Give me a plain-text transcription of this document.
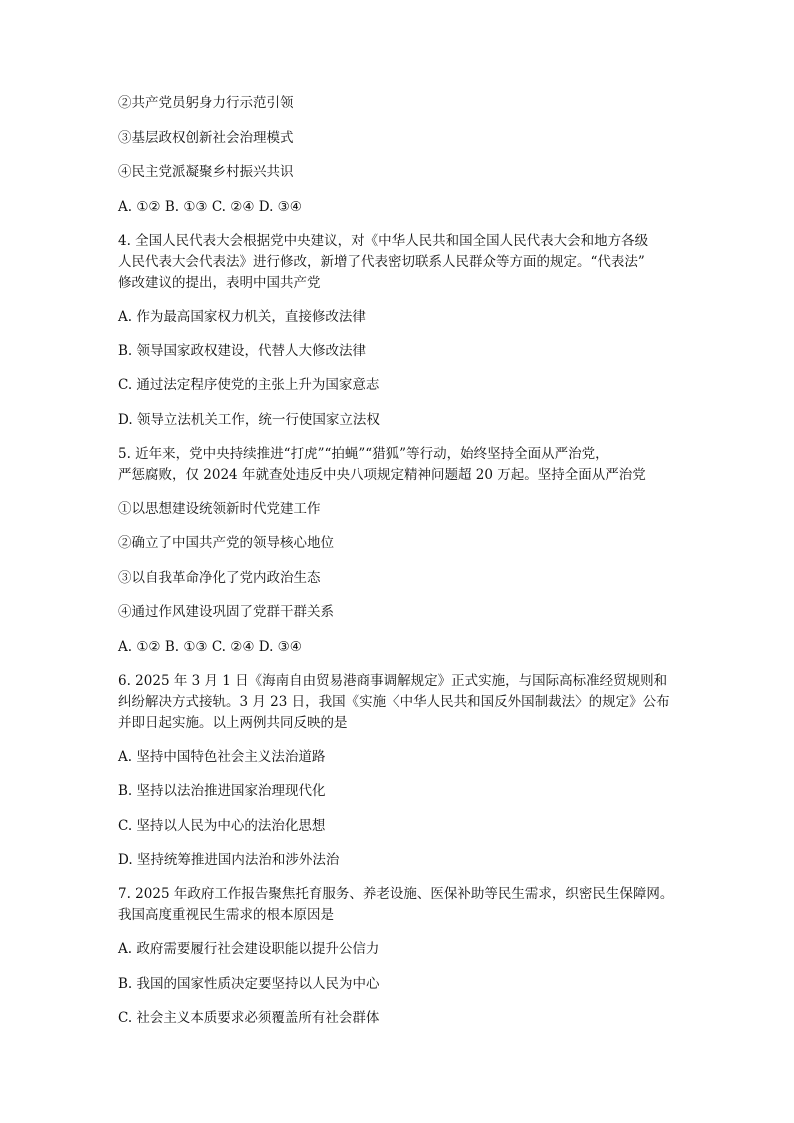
②共产党员躬身力行示范引领
③基层政权创新社会治理模式
④民主党派凝聚乡村振兴共识
A. ①② B. ①③ C. ②④ D. ③④
4. 全国人民代表大会根据党中央建议，对《中华人民共和国全国人民代表大会和地方各级
人民代表大会代表法》进行修改，新增了代表密切联系人民群众等方面的规定。“代表法”
修改建议的提出，表明中国共产党
A. 作为最高国家权力机关，直接修改法律
B. 领导国家政权建设，代替人大修改法律
C. 通过法定程序使党的主张上升为国家意志
D. 领导立法机关工作，统一行使国家立法权
5. 近年来，党中央持续推进“打虎”“拍蝇”“猎狐”等行动，始终坚持全面从严治党，
严惩腐败，仅 2024 年就查处违反中央八项规定精神问题超 20 万起。坚持全面从严治党
①以思想建设统领新时代党建工作
②确立了中国共产党的领导核心地位
③以自我革命净化了党内政治生态
④通过作风建设巩固了党群干群关系
A. ①② B. ①③ C. ②④ D. ③④
6. 2025 年 3 月 1 日《海南自由贸易港商事调解规定》正式实施，与国际高标准经贸规则和
纠纷解决方式接轨。3 月 23 日，我国《实施〈中华人民共和国反外国制裁法〉的规定》公布
并即日起实施。以上两例共同反映的是
A. 坚持中国特色社会主义法治道路
B. 坚持以法治推进国家治理现代化
C. 坚持以人民为中心的法治化思想
D. 坚持统筹推进国内法治和涉外法治
7. 2025 年政府工作报告聚焦托育服务、养老设施、医保补助等民生需求，织密民生保障网。
我国高度重视民生需求的根本原因是
A. 政府需要履行社会建设职能以提升公信力
B. 我国的国家性质决定要坚持以人民为中心
C. 社会主义本质要求必须覆盖所有社会群体
